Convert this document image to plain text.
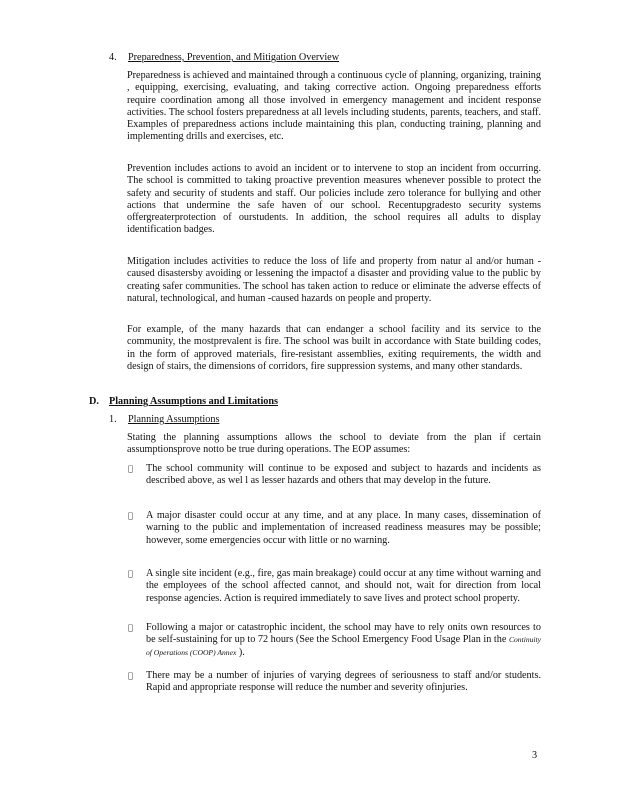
4. Preparedness, Prevention, and Mitigation Overview

Preparedness is achieved and maintained through a continuous cycle of planning, organizing, training , equipping, exercising, evaluating, and taking corrective action. Ongoing preparedness efforts require coordination among all those involved in emergency management and incident response activities. The school fosters preparedness at all levels including students, parents, teachers, and staff. Examples of preparedness actions include maintaining this plan, conducting training, planning and implementing drills and exercises, etc.

Prevention includes actions to avoid an incident or to intervene to stop an incident from occurring. The school is committed to taking proactive prevention measures whenever possible to protect the safety and security of students and staff. Our policies include zero tolerance for bullying and other actions that undermine the safe haven of our school. Recentupgradesto security systems offergreaterprotection of ourstudents. In addition, the school requires all adults to display identification badges.

Mitigation includes activities to reduce the loss of life and property from natur al and/or human - caused disastersby avoiding or lessening the impactof a disaster and providing value to the public by creating safer communities. The school has taken action to reduce or eliminate the adverse effects of natural, technological, and human -caused hazards on people and property.

For example, of the many hazards that can endanger a school facility and its service to the community, the mostprevalent is fire. The school was built in accordance with State building codes, in the form of approved materials, fire-resistant assemblies, exiting requirements, the width and design of stairs, the dimensions of corridors, fire suppression systems, and many other standards.

D. Planning Assumptions and Limitations
1. Planning Assumptions

Stating the planning assumptions allows the school to deviate from the plan if certain assumptionsprove notto be true during operations. The EOP assumes:

The school community will continue to be exposed and subject to hazards and incidents as described above, as wel l as lesser hazards and others that may develop in the future.

A major disaster could occur at any time, and at any place. In many cases, dissemination of warning to the public and implementation of increased readiness measures may be possible; however, some emergencies occur with little or no warning.

A single site incident (e.g., fire, gas main breakage) could occur at any time without warning and the employees of the school affected cannot, and should not, wait for direction from local response agencies. Action is required immediately to save lives and protect school property.

Following a major or catastrophic incident, the school may have to rely onits own resources to be self-sustaining for up to 72 hours (See the School Emergency Food Usage Plan in the Continuity of Operations (COOP) Annex ).

There may be a number of injuries of varying degrees of seriousness to staff and/or students. Rapid and appropriate response will reduce the number and severity ofinjuries.

3
